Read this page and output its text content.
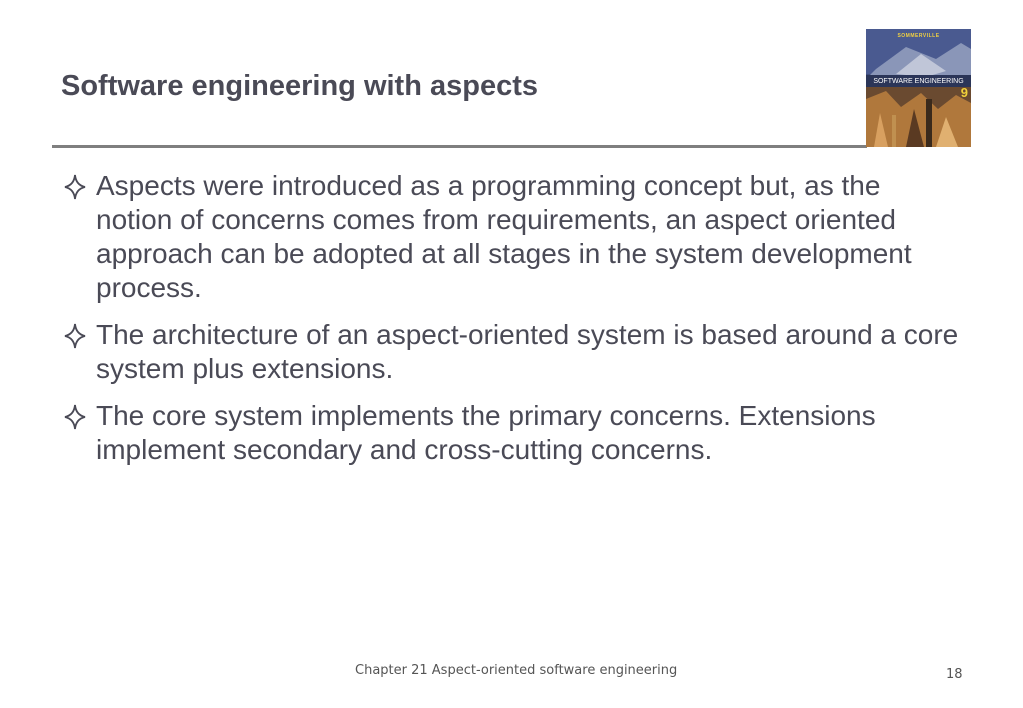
Software engineering with aspects
SOMMERVILLE
SOFTWARE ENGINEERING
9
Aspects were introduced as a programming concept but, as the notion of concerns comes from requirements, an aspect oriented approach can be adopted at all stages in the system development process.
The architecture of an aspect-oriented system is based around a core system plus extensions.
The core system implements the primary concerns. Extensions implement secondary and cross-cutting concerns.
Chapter 21 Aspect-oriented software engineering	18
